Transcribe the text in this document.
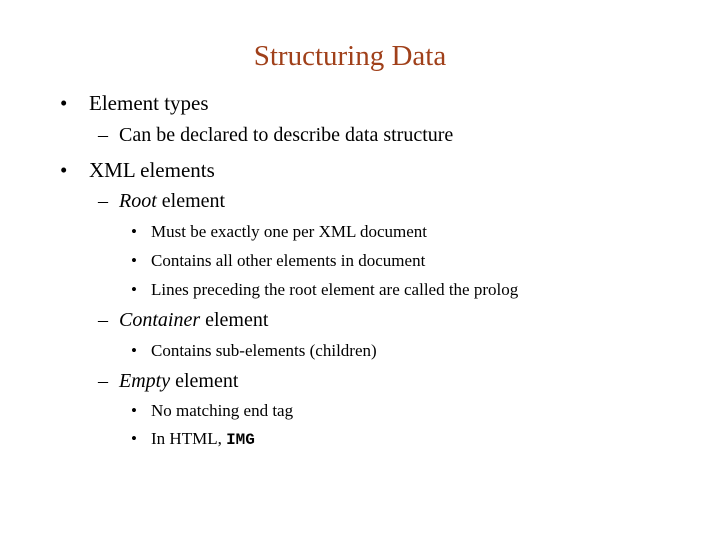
Structuring Data
• Element types
– Can be declared to describe data structure
• XML elements
– Root element
• Must be exactly one per XML document
• Contains all other elements in document
• Lines preceding the root element are called the prolog
– Container element
• Contains sub-elements (children)
– Empty element
• No matching end tag
• In HTML, IMG
